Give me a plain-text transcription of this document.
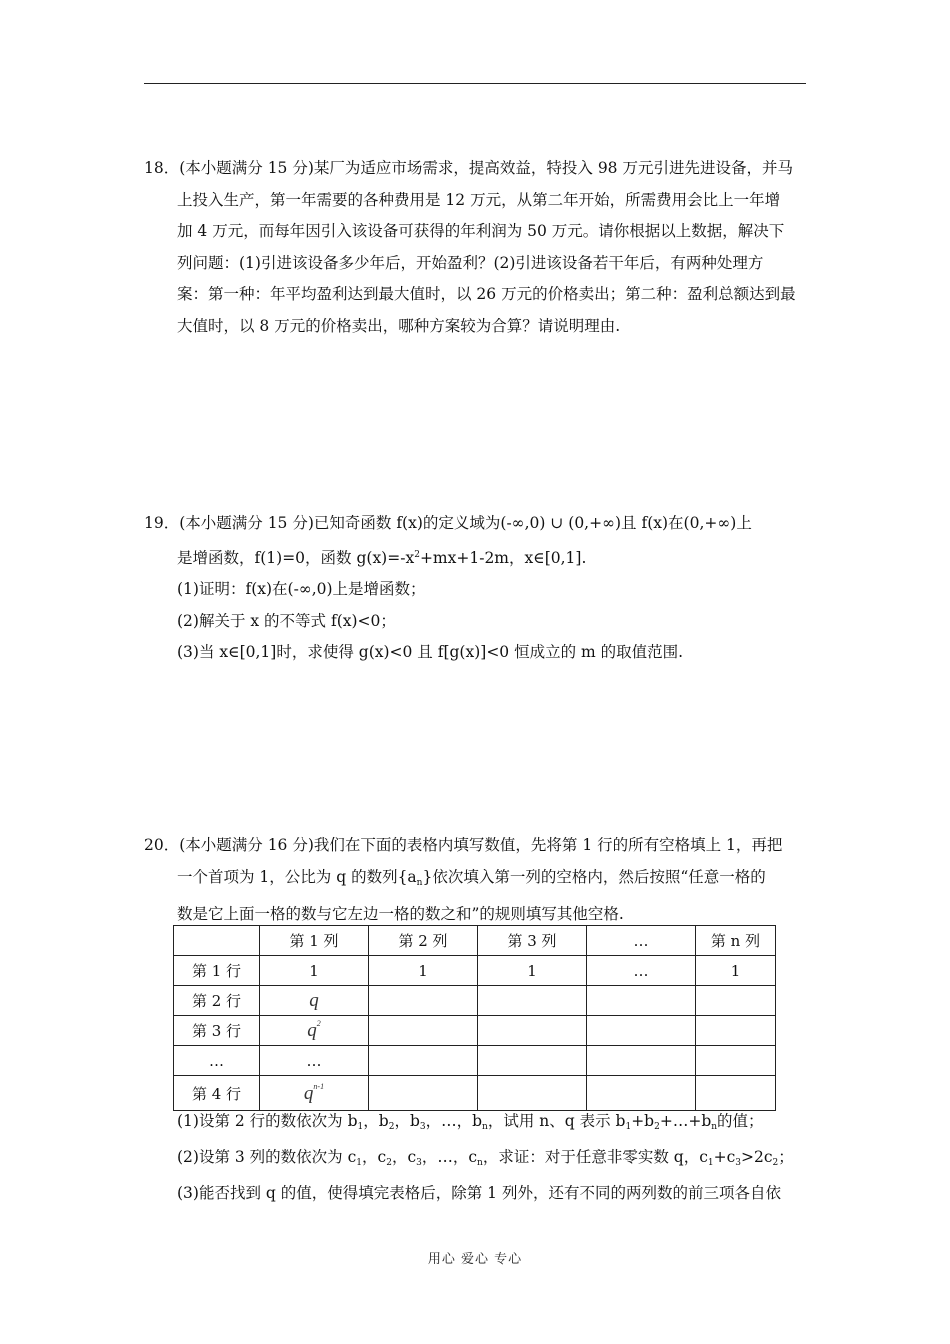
18．(本小题满分 15 分)某厂为适应市场需求，提高效益，特投入 98 万元引进先进设备，并马

上投入生产，第一年需要的各种费用是 12 万元，从第二年开始，所需费用会比上一年增

加 4 万元，而每年因引入该设备可获得的年利润为 50 万元。请你根据以上数据，解决下

列问题：(1)引进该设备多少年后，开始盈利？(2)引进该设备若干年后，有两种处理方

案：第一种：年平均盈利达到最大值时，以 26 万元的价格卖出；第二种：盈利总额达到最

大值时，以 8 万元的价格卖出，哪种方案较为合算？请说明理由.

19．(本小题满分 15 分)已知奇函数 f(x)的定义域为(-∞,0) ∪ (0,+∞)且 f(x)在(0,+∞)上

是增函数，f(1)=0，函数 $g(x)=-x^2+mx+1-2m$，x∈[0,1].

(1)证明：f(x)在(-∞,0)上是增函数；

(2)解关于 x 的不等式 f(x)<0；

(3)当 x∈[0,1]时，求使得 g(x)<0 且 f[g(x)]<0 恒成立的 m 的取值范围.

20．(本小题满分 16 分)我们在下面的表格内填写数值，先将第 1 行的所有空格填上 1，再把

一个首项为 1，公比为 q 的数列$\{a_n\}$依次填入第一列的空格内，然后按照“任意一格的

数是它上面一格的数与它左边一格的数之和”的规则填写其他空格.

	第 1 列	第 2 列	第 3 列	…	第 n 列
第 1 行	1	1	1	…	1
第 2 行	q				
第 3 行	$q^2$				
…	…				
第 4 行	$q^{n-1}$				

(1)设第 2 行的数依次为 $b_1$，$b_2$，$b_3$，…，$b_n$，试用 n、q 表示 $b_1+b_2+\dots+b_n$的值；

(2)设第 3 列的数依次为 $c_1$，$c_2$，$c_3$，…，$c_n$，求证：对于任意非零实数 q，$c_1+c_3>2c_2$；

(3)能否找到 q 的值，使得填完表格后，除第 1 列外，还有不同的两列数的前三项各自依

用心 爱心 专心
